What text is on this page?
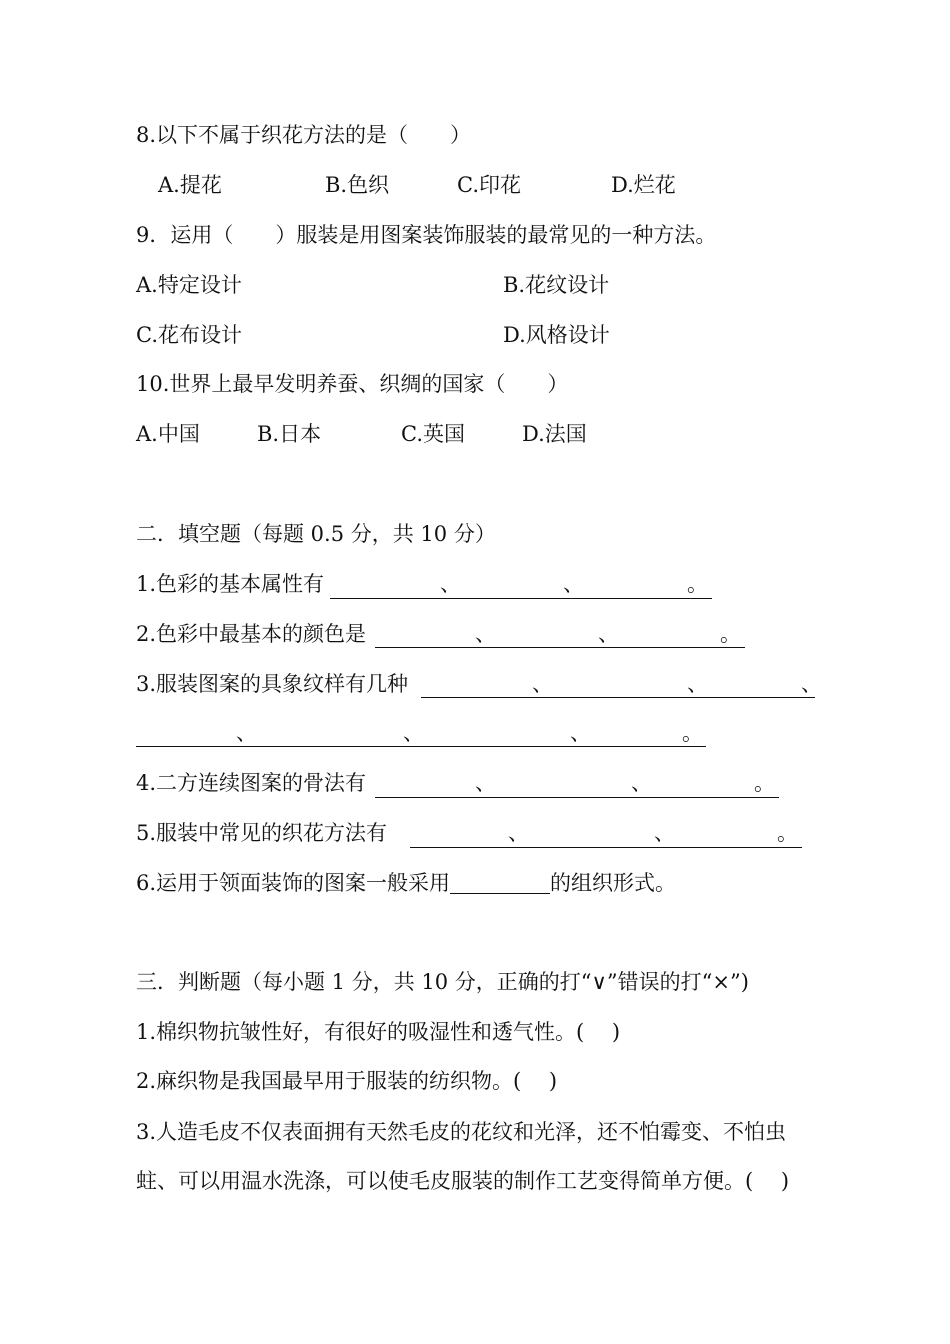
8.以下不属于织花方法的是（　　）
A.提花	B.色织	C.印花	D.烂花
9．运用（　　）服装是用图案装饰服装的最常见的一种方法。
A.特定设计	B.花纹设计
C.花布设计	D.风格设计
10.世界上最早发明养蚕、织绸的国家（　　）
A.中国	B.日本	C.英国	D.法国
二．填空题（每题 0.5 分，共 10 分）
1.色彩的基本属性有	、	、	。
2.色彩中最基本的颜色是	、	、	。
3.服装图案的具象纹样有几种	、	、	、
、	、	、	。
4.二方连续图案的骨法有	、	、	。
5.服装中常见的织花方法有	、	、	。
6.运用于领面装饰的图案一般采用	的组织形式。
三．判断题（每小题 1 分，共 10 分，正确的打“∨”错误的打“×”)
1.棉织物抗皱性好，有很好的吸湿性和透气性。(　 )
2.麻织物是我国最早用于服装的纺织物。(　 )
3.人造毛皮不仅表面拥有天然毛皮的花纹和光泽，还不怕霉变、不怕虫
蛀、可以用温水洗涤，可以使毛皮服装的制作工艺变得简单方便。(　 )
